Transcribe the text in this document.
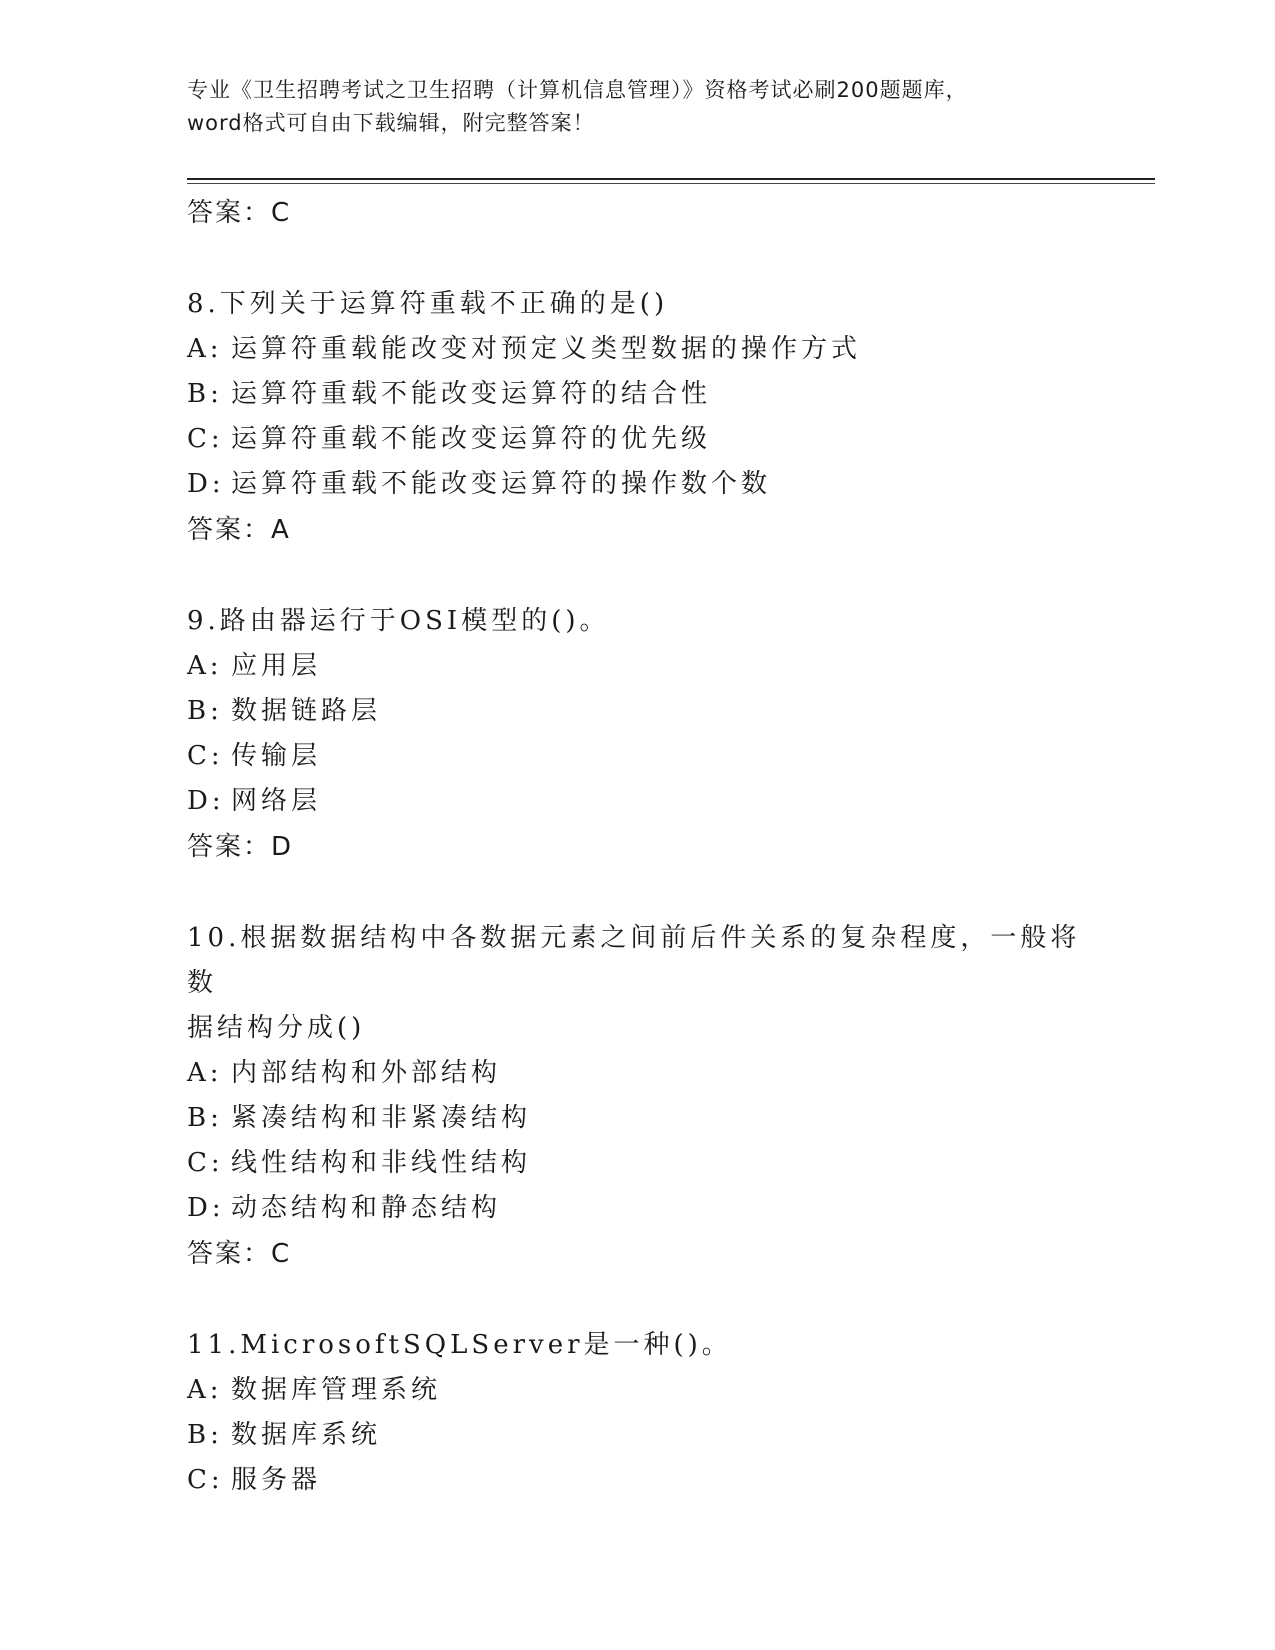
专业《卫生招聘考试之卫生招聘（计算机信息管理）》资格考试必刷200题题库，
word格式可自由下载编辑，附完整答案！
答案：C
8.下列关于运算符重载不正确的是()
A: 运算符重载能改变对预定义类型数据的操作方式
B: 运算符重载不能改变运算符的结合性
C: 运算符重载不能改变运算符的优先级
D: 运算符重载不能改变运算符的操作数个数
答案：A
9.路由器运行于OSI模型的()。
A: 应用层
B: 数据链路层
C: 传输层
D: 网络层
答案：D
10.根据数据结构中各数据元素之间前后件关系的复杂程度，一般将数
据结构分成()
A: 内部结构和外部结构
B: 紧凑结构和非紧凑结构
C: 线性结构和非线性结构
D: 动态结构和静态结构
答案：C
11.MicrosoftSQLServer是一种()。
A: 数据库管理系统
B: 数据库系统
C: 服务器
